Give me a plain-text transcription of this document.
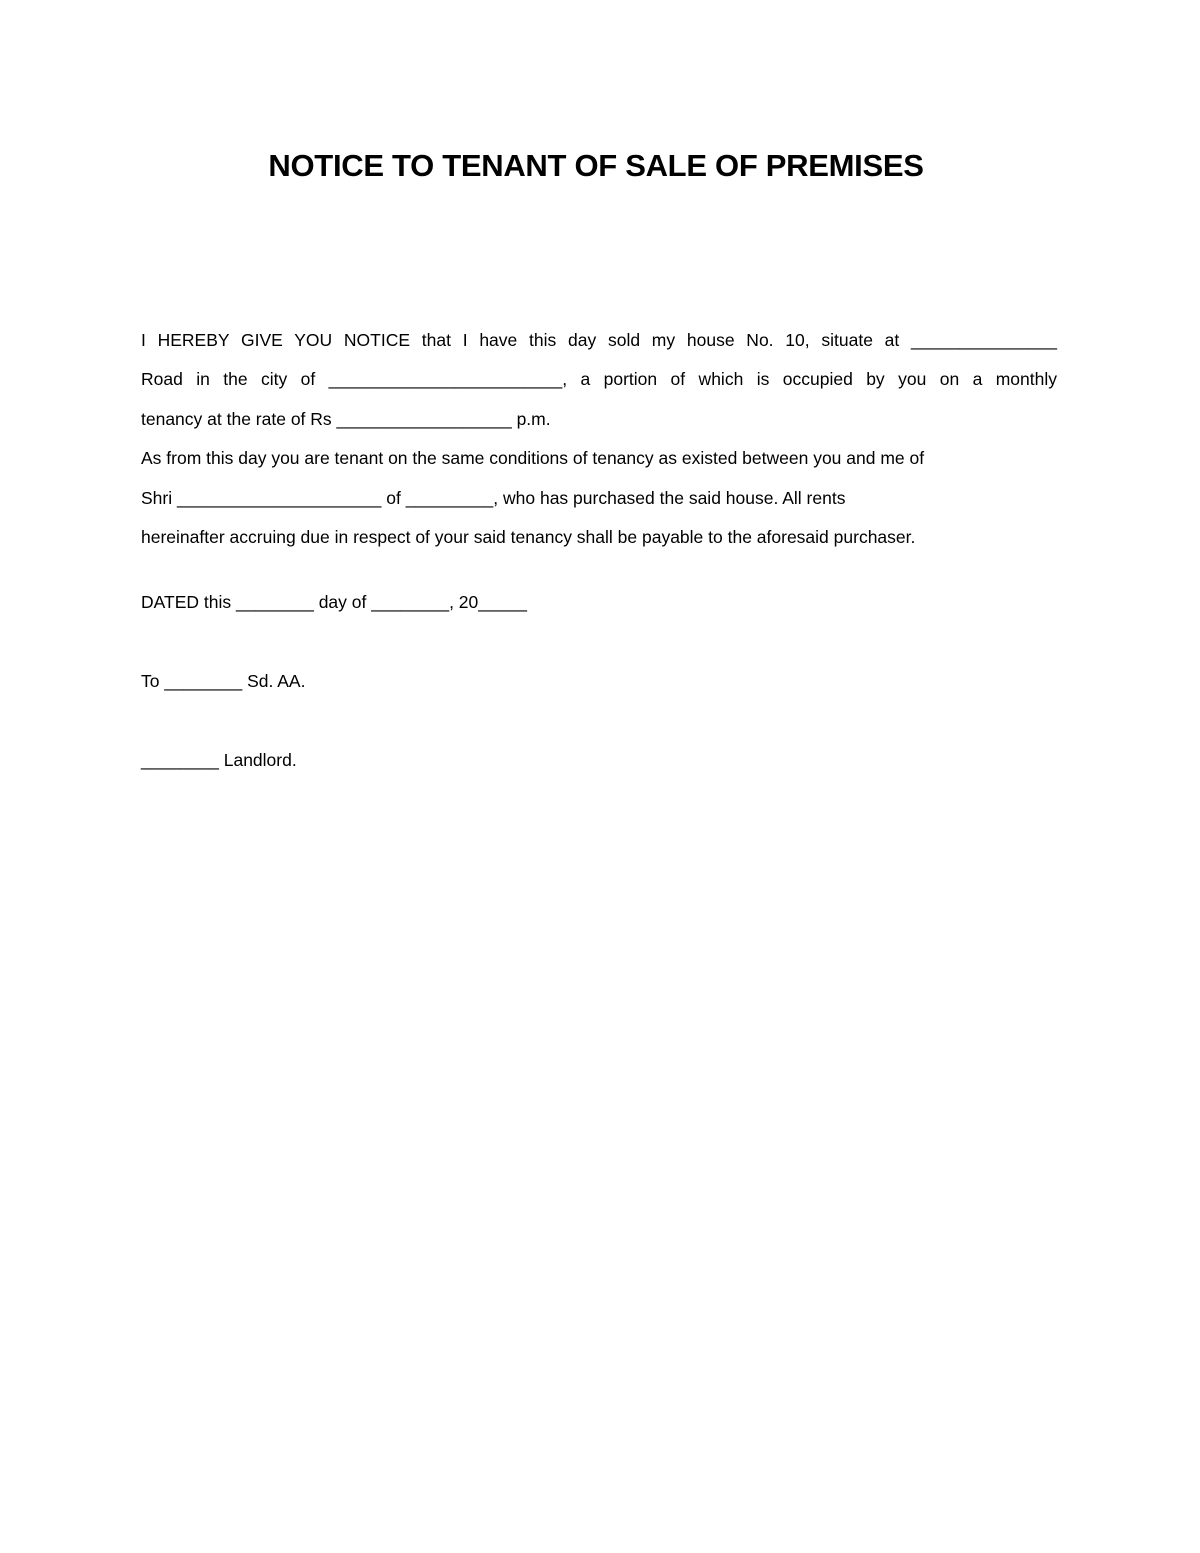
NOTICE TO TENANT OF SALE OF PREMISES
I HEREBY GIVE YOU NOTICE that I have this day sold my house No. 10, situate at _______________
Road in the city of ________________________, a portion of which is occupied by you on a monthly
tenancy at the rate of Rs __________________ p.m.
As from this day you are tenant on the same conditions of tenancy as existed between you and me of
Shri _____________________ of _________, who has purchased the said house. All rents
hereinafter accruing due in respect of your said tenancy shall be payable to the aforesaid purchaser.
DATED this ________ day of ________, 20_____
To ________ Sd. AA.
________ Landlord.
